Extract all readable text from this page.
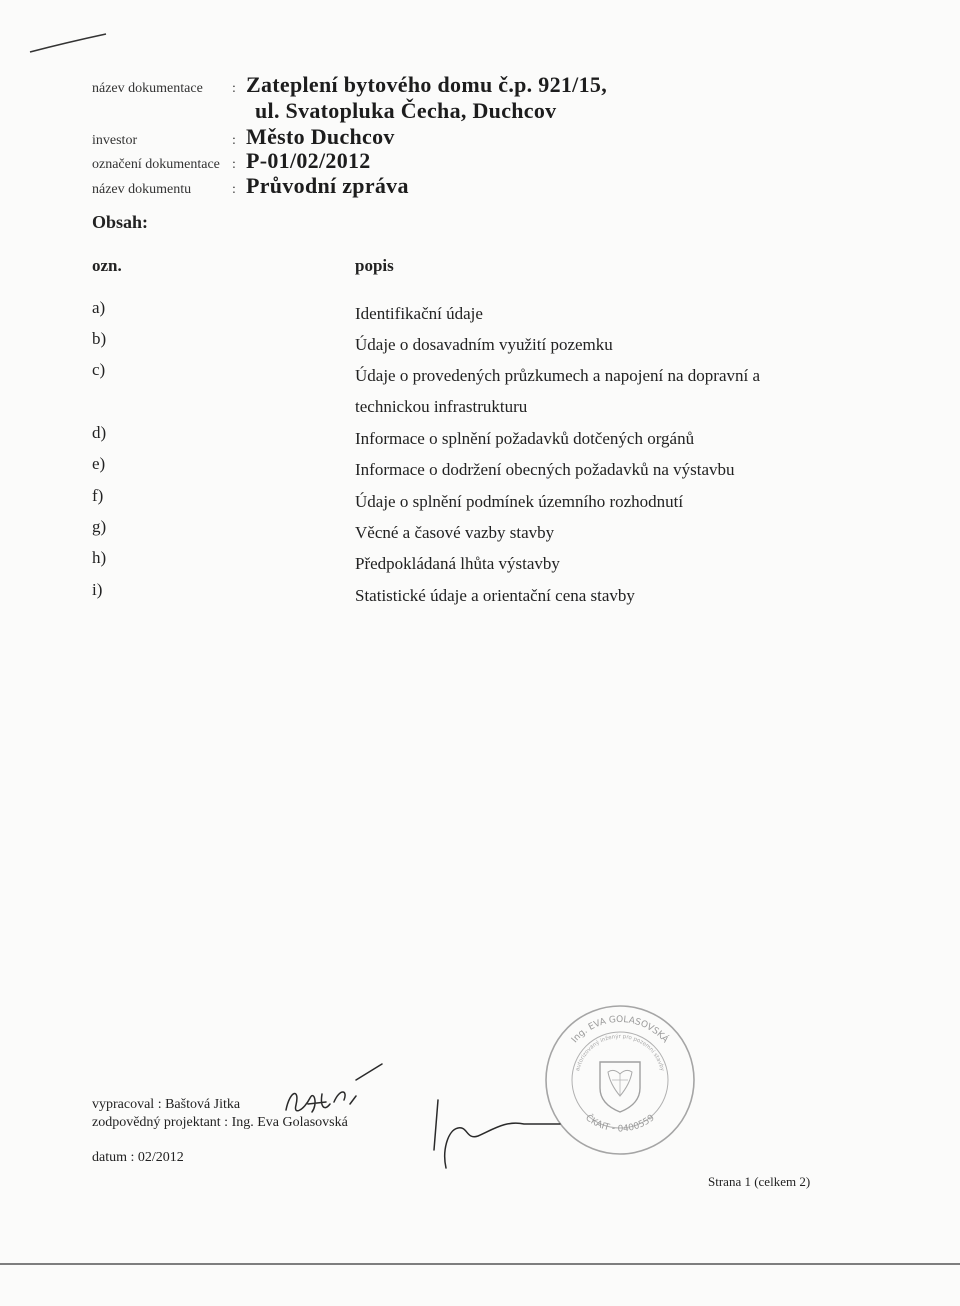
název dokumentace	: Zateplení bytového domu č.p. 921/15,
ul. Svatopluka Čecha, Duchcov
investor	: Město Duchcov
označení dokumentace : P-01/02/2012
název dokumentu	: Průvodní zpráva
Obsah:
ozn.	popis
a)	Identifikační údaje
b)	Údaje o dosavadním využití pozemku
c)	Údaje o provedených průzkumech a napojení na dopravní a technickou infrastrukturu
d)	Informace o splnění požadavků dotčených orgánů
e)	Informace o dodržení obecných požadavků na výstavbu
f)	Údaje o splnění podmínek územního rozhodnutí
g)	Věcné a časové vazby stavby
h)	Předpokládaná lhůta výstavby
i)	Statistické údaje a orientační cena stavby
Ing. EVA GOLASOVSKÁ
autorizovaný inženýr pro pozemní stavby
ČKAIT - 0400559
vypracoval : Baštová Jitka
zodpovědný projektant : Ing. Eva Golasovská
datum : 02/2012
Strana 1 (celkem 2)
